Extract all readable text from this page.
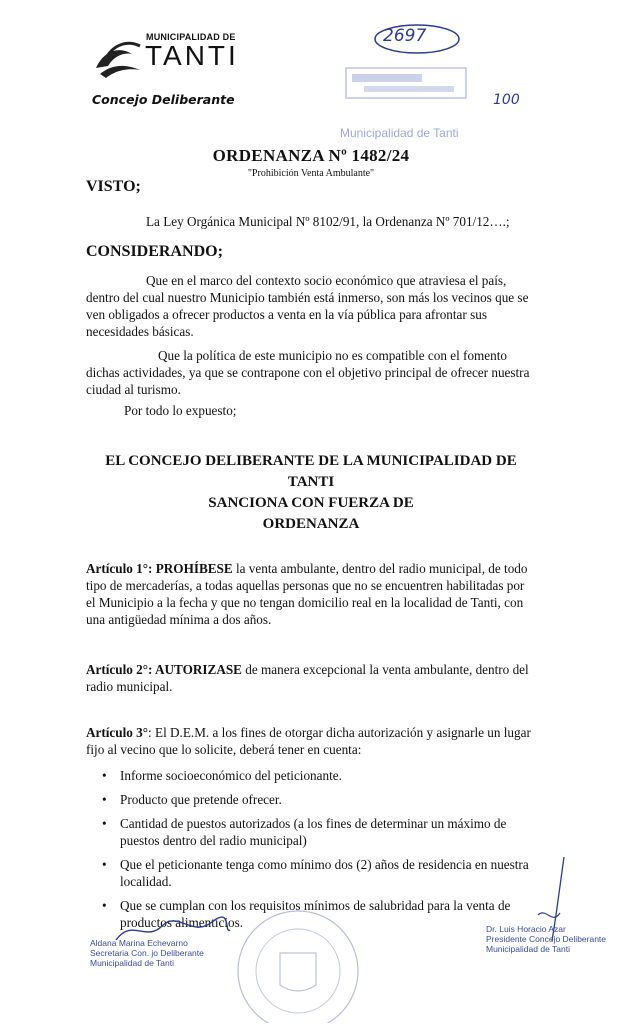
MUNICIPALIDAD DE
TANTI
Concejo Deliberante
2697
100
Municipalidad de Tanti
ORDENANZA Nº 1482/24
"Prohibición Venta Ambulante"
VISTO;
La Ley Orgánica Municipal Nº 8102/91, la Ordenanza Nº 701/12….;
CONSIDERANDO;
Que en el marco del contexto socio económico que atraviesa el país, dentro del cual nuestro Municipio también está inmerso, son más los vecinos que se ven obligados a ofrecer productos a venta en la vía pública para afrontar sus necesidades básicas.
Que la política de este municipio no es compatible con el fomento dichas actividades, ya que se contrapone con el objetivo principal de ofrecer nuestra ciudad al turismo.
Por todo lo expuesto;
EL CONCEJO DELIBERANTE DE LA MUNICIPALIDAD DE
TANTI
SANCIONA CON FUERZA DE
ORDENANZA
Artículo 1°: PROHÍBESE la venta ambulante, dentro del radio municipal, de todo tipo de mercaderías, a todas aquellas personas que no se encuentren habilitadas por el Municipio a la fecha y que no tengan domicilio real en la localidad de Tanti, con una antigüedad mínima a dos años.
Artículo 2°: AUTORIZASE de manera excepcional la venta ambulante, dentro del radio municipal.
Artículo 3°: El D.E.M. a los fines de otorgar dicha autorización y asignarle un lugar fijo al vecino que lo solicite, deberá tener en cuenta:
• Informe socioeconómico del peticionante.
• Producto que pretende ofrecer.
• Cantidad de puestos autorizados (a los fines de determinar un máximo de puestos dentro del radio municipal)
• Que el peticionante tenga como mínimo dos (2) años de residencia en nuestra localidad.
• Que se cumplan con los requisitos mínimos de salubridad para la venta de productos alimenticios.
Aldana Marina Echevarno
Secretaria Con. jo Deliberante
Municipalidad de Tanti
Dr. Luis Horacio Azar
Presidente Concejo Deliberante
Municipalidad de Tanti
